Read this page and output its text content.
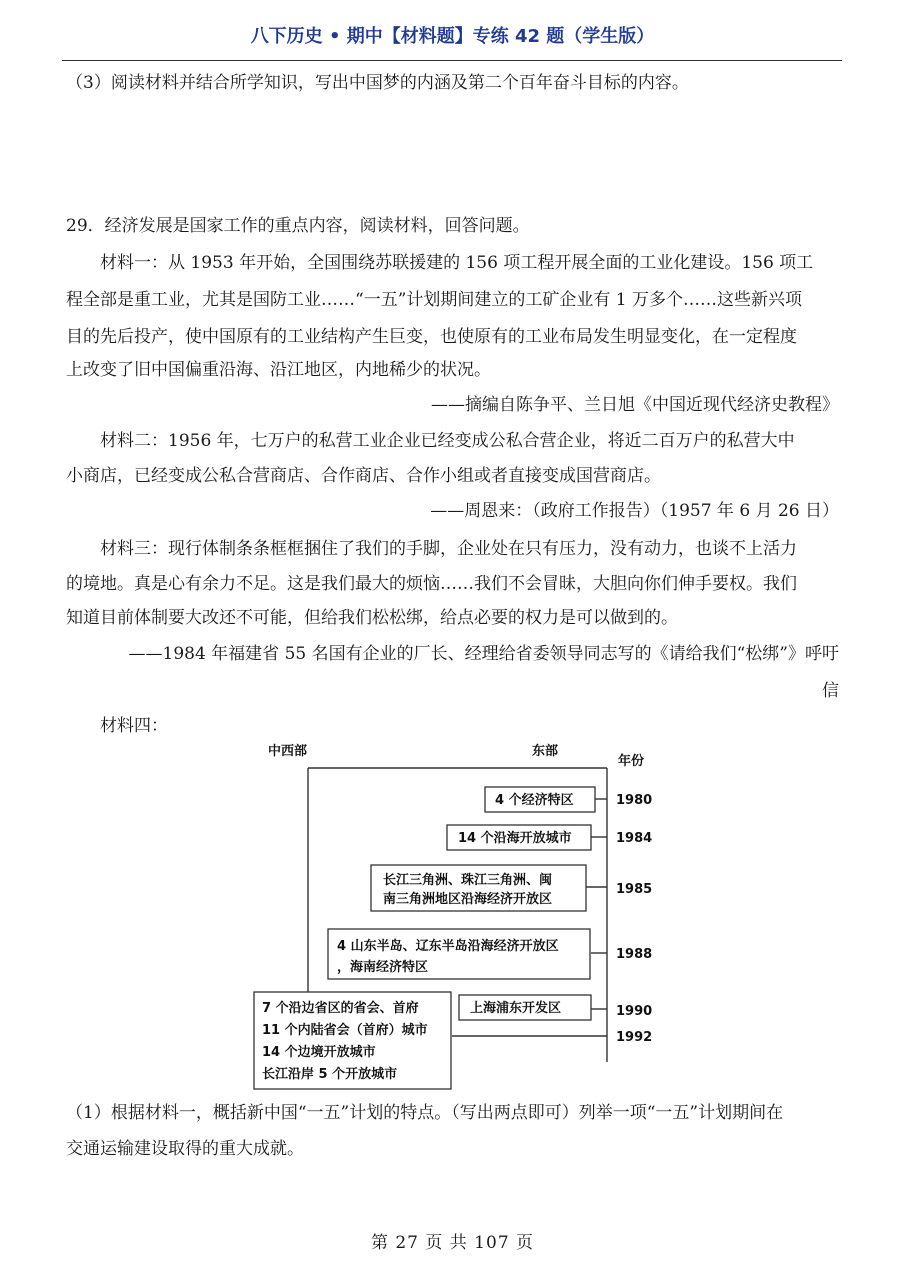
八下历史 • 期中【材料题】专练 42 题（学生版）
（3）阅读材料并结合所学知识，写出中国梦的内涵及第二个百年奋斗目标的内容。
29．经济发展是国家工作的重点内容，阅读材料，回答问题。
材料一：从 1953 年开始，全国围绕苏联援建的 156 项工程开展全面的工业化建设。156 项工
程全部是重工业，尤其是国防工业……“一五”计划期间建立的工矿企业有 1 万多个……这些新兴项
目的先后投产，使中国原有的工业结构产生巨变，也使原有的工业布局发生明显变化，在一定程度
上改变了旧中国偏重沿海、沿江地区，内地稀少的状况。
——摘编自陈争平、兰日旭《中国近现代经济史教程》
材料二：1956 年，七万户的私营工业企业已经变成公私合营企业，将近二百万户的私营大中
小商店，已经变成公私合营商店、合作商店、合作小组或者直接变成国营商店。
——周恩来：（政府工作报告）（1957 年 6 月 26 日）
材料三：现行体制条条框框捆住了我们的手脚，企业处在只有压力，没有动力，也谈不上活力
的境地。真是心有余力不足。这是我们最大的烦恼……我们不会冒昧，大胆向你们伸手要权。我们
知道目前体制要大改还不可能，但给我们松松绑，给点必要的权力是可以做到的。
——1984 年福建省 55 名国有企业的厂长、经理给省委领导同志写的《请给我们“松绑”》呼吁
信
材料四：
中西部	东部
年份
1980
1984
1985
1988
1990
1992
4 个经济特区
14 个沿海开放城市
长江三角洲、珠江三角洲、闽
南三角洲地区沿海经济开放区
4 山东半岛、辽东半岛沿海经济开放区
，海南经济特区
上海浦东开发区
7 个沿边省区的省会、首府
11 个内陆省会（首府）城市
14 个边境开放城市
长江沿岸 5 个开放城市
（1）根据材料一，概括新中国“一五”计划的特点。（写出两点即可）列举一项“一五”计划期间在
交通运输建设取得的重大成就。
第 27 页 共 107 页
